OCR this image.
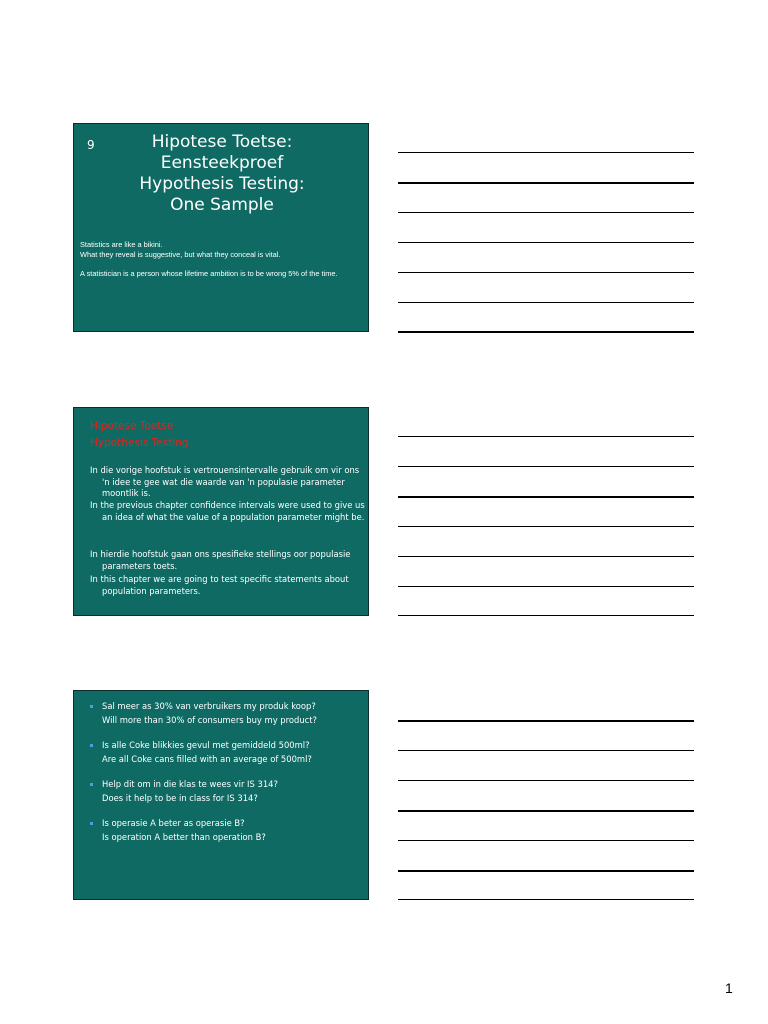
9	Hipotese Toetse:
Eensteekproef
Hypothesis Testing:
One Sample
Statistics are like a bikini.
What they reveal is suggestive, but what they conceal is vital.

A statistician is a person whose lifetime ambition is to be wrong 5% of the time.

Hipotese Toetse
Hypothesis Testing

In die vorige hoofstuk is vertrouensintervalle gebruik om vir ons 'n idee te gee wat die waarde van 'n populasie parameter moontlik is.

In the previous chapter confidence intervals were used to give us an idea of what the value of a population parameter might be.

In hierdie hoofstuk gaan ons spesifieke stellings oor populasie parameters toets.

In this chapter we are going to test specific statements about population parameters.

Sal meer as 30% van verbruikers my produk koop?
Will more than 30% of consumers buy my product?
Is alle Coke blikkies gevul met gemiddeld 500ml?
Are all Coke cans filled with an average of 500ml?
Help dit om in die klas te wees vir IS 314?
Does it help to be in class for IS 314?
Is operasie A beter as operasie B?
Is operation A better than operation B?
1
